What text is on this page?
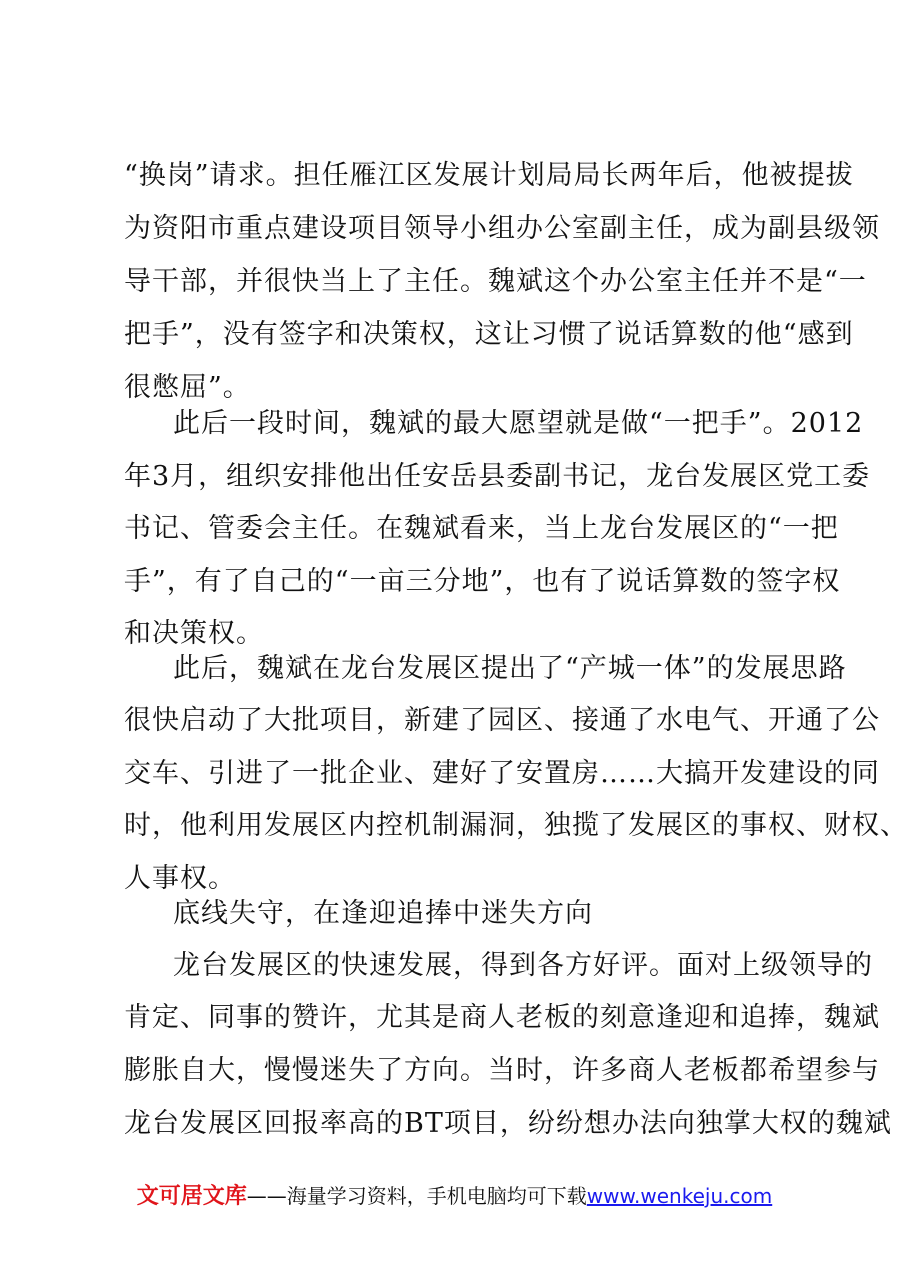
“换岗”请求。担任雁江区发展计划局局长两年后，他被提拔
为资阳市重点建设项目领导小组办公室副主任，成为副县级领
导干部，并很快当上了主任。魏斌这个办公室主任并不是“一
把手”，没有签字和决策权，这让习惯了说话算数的他“感到
很憋屈”。
此后一段时间，魏斌的最大愿望就是做“一把手”。2012
年3月，组织安排他出任安岳县委副书记，龙台发展区党工委
书记、管委会主任。在魏斌看来，当上龙台发展区的“一把
手”，有了自己的“一亩三分地”，也有了说话算数的签字权
和决策权。
此后，魏斌在龙台发展区提出了“产城一体”的发展思路
很快启动了大批项目，新建了园区、接通了水电气、开通了公
交车、引进了一批企业、建好了安置房……大搞开发建设的同
时，他利用发展区内控机制漏洞，独揽了发展区的事权、财权、
人事权。
底线失守，在逢迎追捧中迷失方向
龙台发展区的快速发展，得到各方好评。面对上级领导的
肯定、同事的赞许，尤其是商人老板的刻意逢迎和追捧，魏斌
膨胀自大，慢慢迷失了方向。当时，许多商人老板都希望参与
龙台发展区回报率高的BT项目，纷纷想办法向独掌大权的魏斌
文可居文库——海量学习资料，手机电脑均可下载www.wenkeju.com
